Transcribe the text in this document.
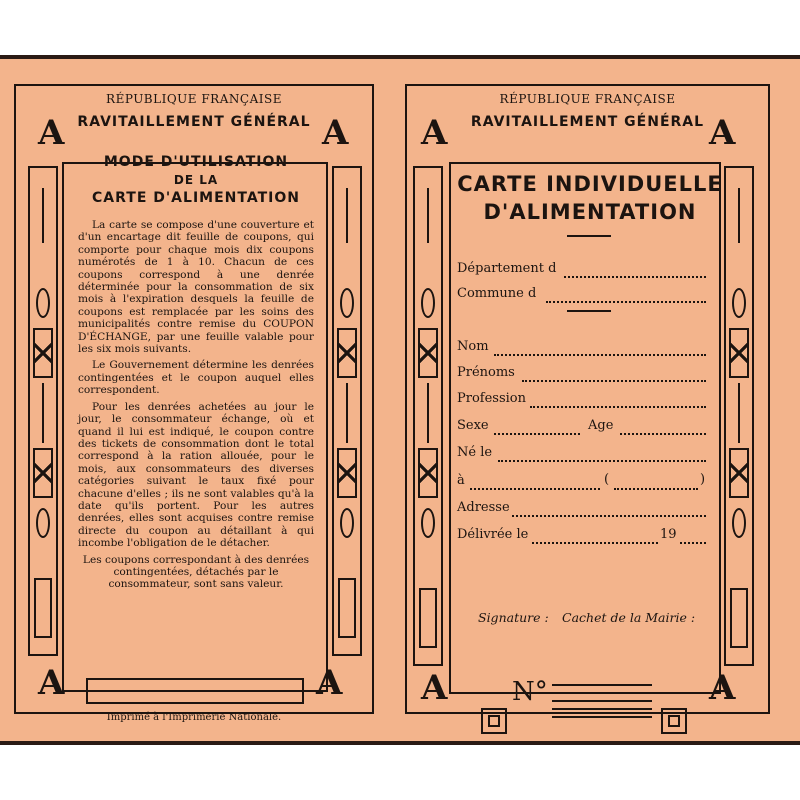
RÉPUBLIQUE FRANÇAISE
RAVITAILLEMENT GÉNÉRAL
A	A
A	A
MODE D'UTILISATION
DE LA
CARTE D'ALIMENTATION

La carte se compose d'une couverture et d'un encartage dit feuille de coupons, qui comporte pour chaque mois dix coupons numérotés de 1 à 10. Chacun de ces coupons correspond à une denrée déterminée pour la consommation de six mois à l'expiration desquels la feuille de coupons est remplacée par les soins des municipalités contre remise du COUPON D'ÉCHANGE, par une feuille valable pour les six mois suivants.

Le Gouvernement détermine les denrées contingentées et le coupon auquel elles correspondent.

Pour les denrées achetées au jour le jour, le consommateur échange, où et quand il lui est indiqué, le coupon contre des tickets de consommation dont le total correspond à la ration allouée, pour le mois, aux consommateurs des diverses catégories suivant le taux fixé pour chacune d'elles ; ils ne sont valables qu'à la date qu'ils portent. Pour les autres denrées, elles sont acquises contre remise directe du coupon au détaillant à qui incombe l'obligation de le détacher.

Les coupons correspondant à des denrées contingentées, détachés par le consommateur, sont sans valeur.

RÉPUBLIQUE FRANÇAISE
RAVITAILLEMENT GÉNÉRAL
A	A
A	A
CARTE INDIVIDUELLE
D'ALIMENTATION
Département d
Commune d
Nom
Prénoms
Profession
Sexe	Age
Né le
à	(	)
Adresse
Délivrée le	19
Signature : Cachet de la Mairie :
N°
Imprimé à l'Imprimerie Nationale.
